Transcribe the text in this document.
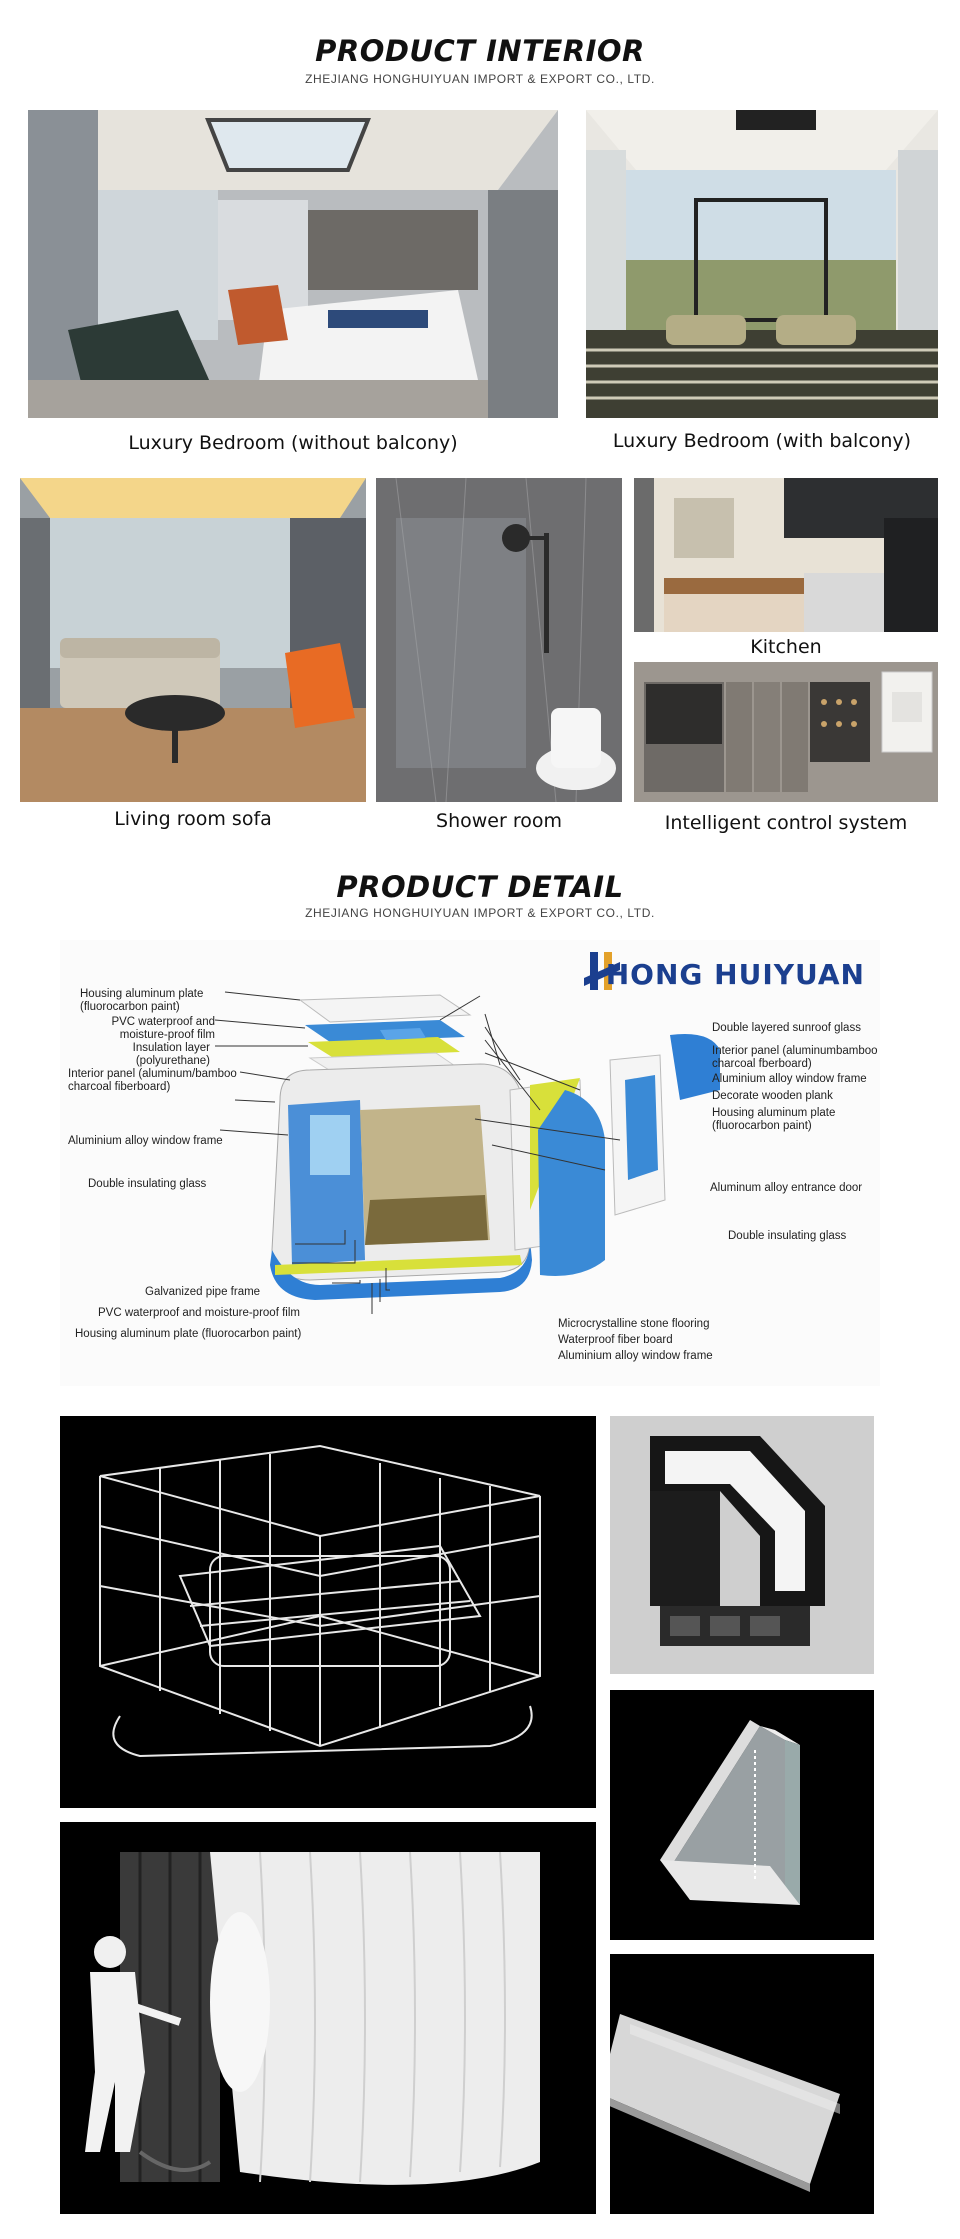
PRODUCT INTERIOR
ZHEJIANG HONGHUIYUAN IMPORT & EXPORT CO., LTD.
Luxury Bedroom (without balcony)	Luxury Bedroom (with balcony)
Kitchen
Living room sofa	Shower room	Intelligent control system
PRODUCT DETAIL
ZHEJIANG HONGHUIYUAN IMPORT & EXPORT CO., LTD.
HONG HUIYUAN
Housing aluminum plate
(fluorocarbon paint)
PVC waterproof and
moisture-proof film
Insulation layer
(polyurethane)
Interior panel (aluminum/bamboo
charcoal fiberboard)
Aluminium alloy window frame
Double insulating glass
Galvanized pipe frame
PVC waterproof and moisture-proof film
Housing aluminum plate (fluorocarbon paint)
Double layered sunroof glass
Interior panel (aluminumbamboo
charcoal fberboard)
Aluminium alloy window frame
Decorate wooden plank
Housing aluminum plate
(fluorocarbon paint)
Aluminum alloy entrance door
Double insulating glass
Microcrystalline stone flooring
Waterproof fiber board
Aluminium alloy window frame
